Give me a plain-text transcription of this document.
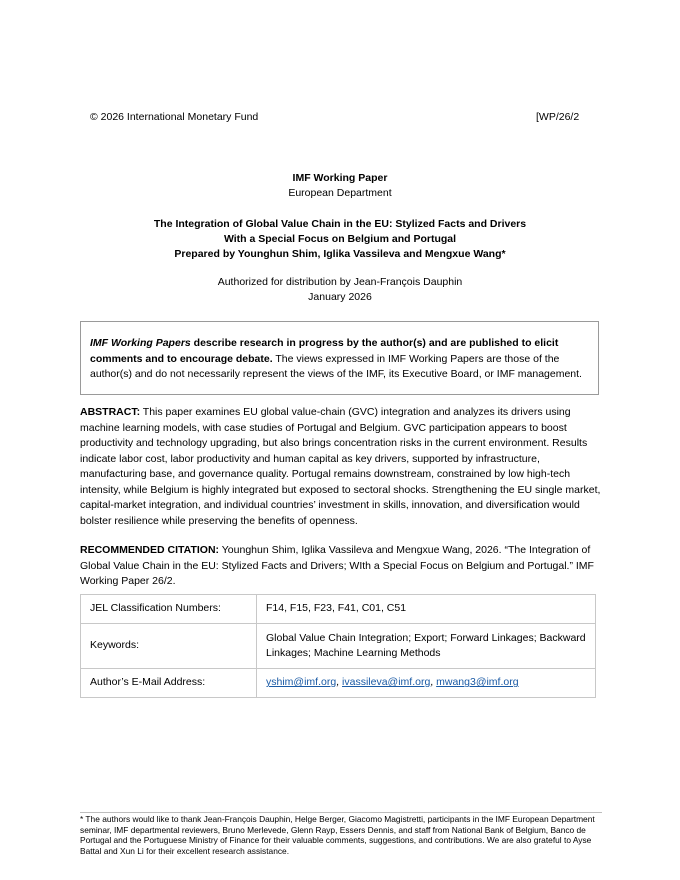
© 2026 International Monetary Fund	[WP/26/2
IMF Working Paper
European Department
The Integration of Global Value Chain in the EU: Stylized Facts and Drivers
With a Special Focus on Belgium and Portugal
Prepared by Younghun Shim, Iglika Vassileva and Mengxue Wang*
Authorized for distribution by Jean-François Dauphin
January 2026

IMF Working Papers describe research in progress by the author(s) and are published to elicit comments and to encourage debate. The views expressed in IMF Working Papers are those of the author(s) and do not necessarily represent the views of the IMF, its Executive Board, or IMF management.

ABSTRACT: This paper examines EU global value-chain (GVC) integration and analyzes its drivers using machine learning models, with case studies of Portugal and Belgium. GVC participation appears to boost productivity and technology upgrading, but also brings concentration risks in the current environment. Results indicate labor cost, labor productivity and human capital as key drivers, supported by infrastructure, manufacturing base, and governance quality. Portugal remains downstream, constrained by low high-tech intensity, while Belgium is highly integrated but exposed to sectoral shocks. Strengthening the EU single market, capital-market integration, and individual countries’ investment in skills, innovation, and diversification would bolster resilience while preserving the benefits of openness.

RECOMMENDED CITATION: Younghun Shim, Iglika Vassileva and Mengxue Wang, 2026. “The Integration of Global Value Chain in the EU: Stylized Facts and Drivers; WIth a Special Focus on Belgium and Portugal.” IMF Working Paper 26/2.

JEL Classification Numbers:	F14, F15, F23, F41, C01, C51
Keywords:	Global Value Chain Integration; Export; Forward Linkages; Backward Linkages; Machine Learning Methods
Author’s E-Mail Address:	yshim@imf.org, ivassileva@imf.org, mwang3@imf.org

* The authors would like to thank Jean-François Dauphin, Helge Berger, Giacomo Magistretti, participants in the IMF European Department seminar, IMF departmental reviewers, Bruno Merlevede, Glenn Rayp, Essers Dennis, and staff from National Bank of Belgium, Banco de Portugal and the Portuguese Ministry of Finance for their valuable comments, suggestions, and contributions. We are also grateful to Ayse Battal and Xun Li for their excellent research assistance.
